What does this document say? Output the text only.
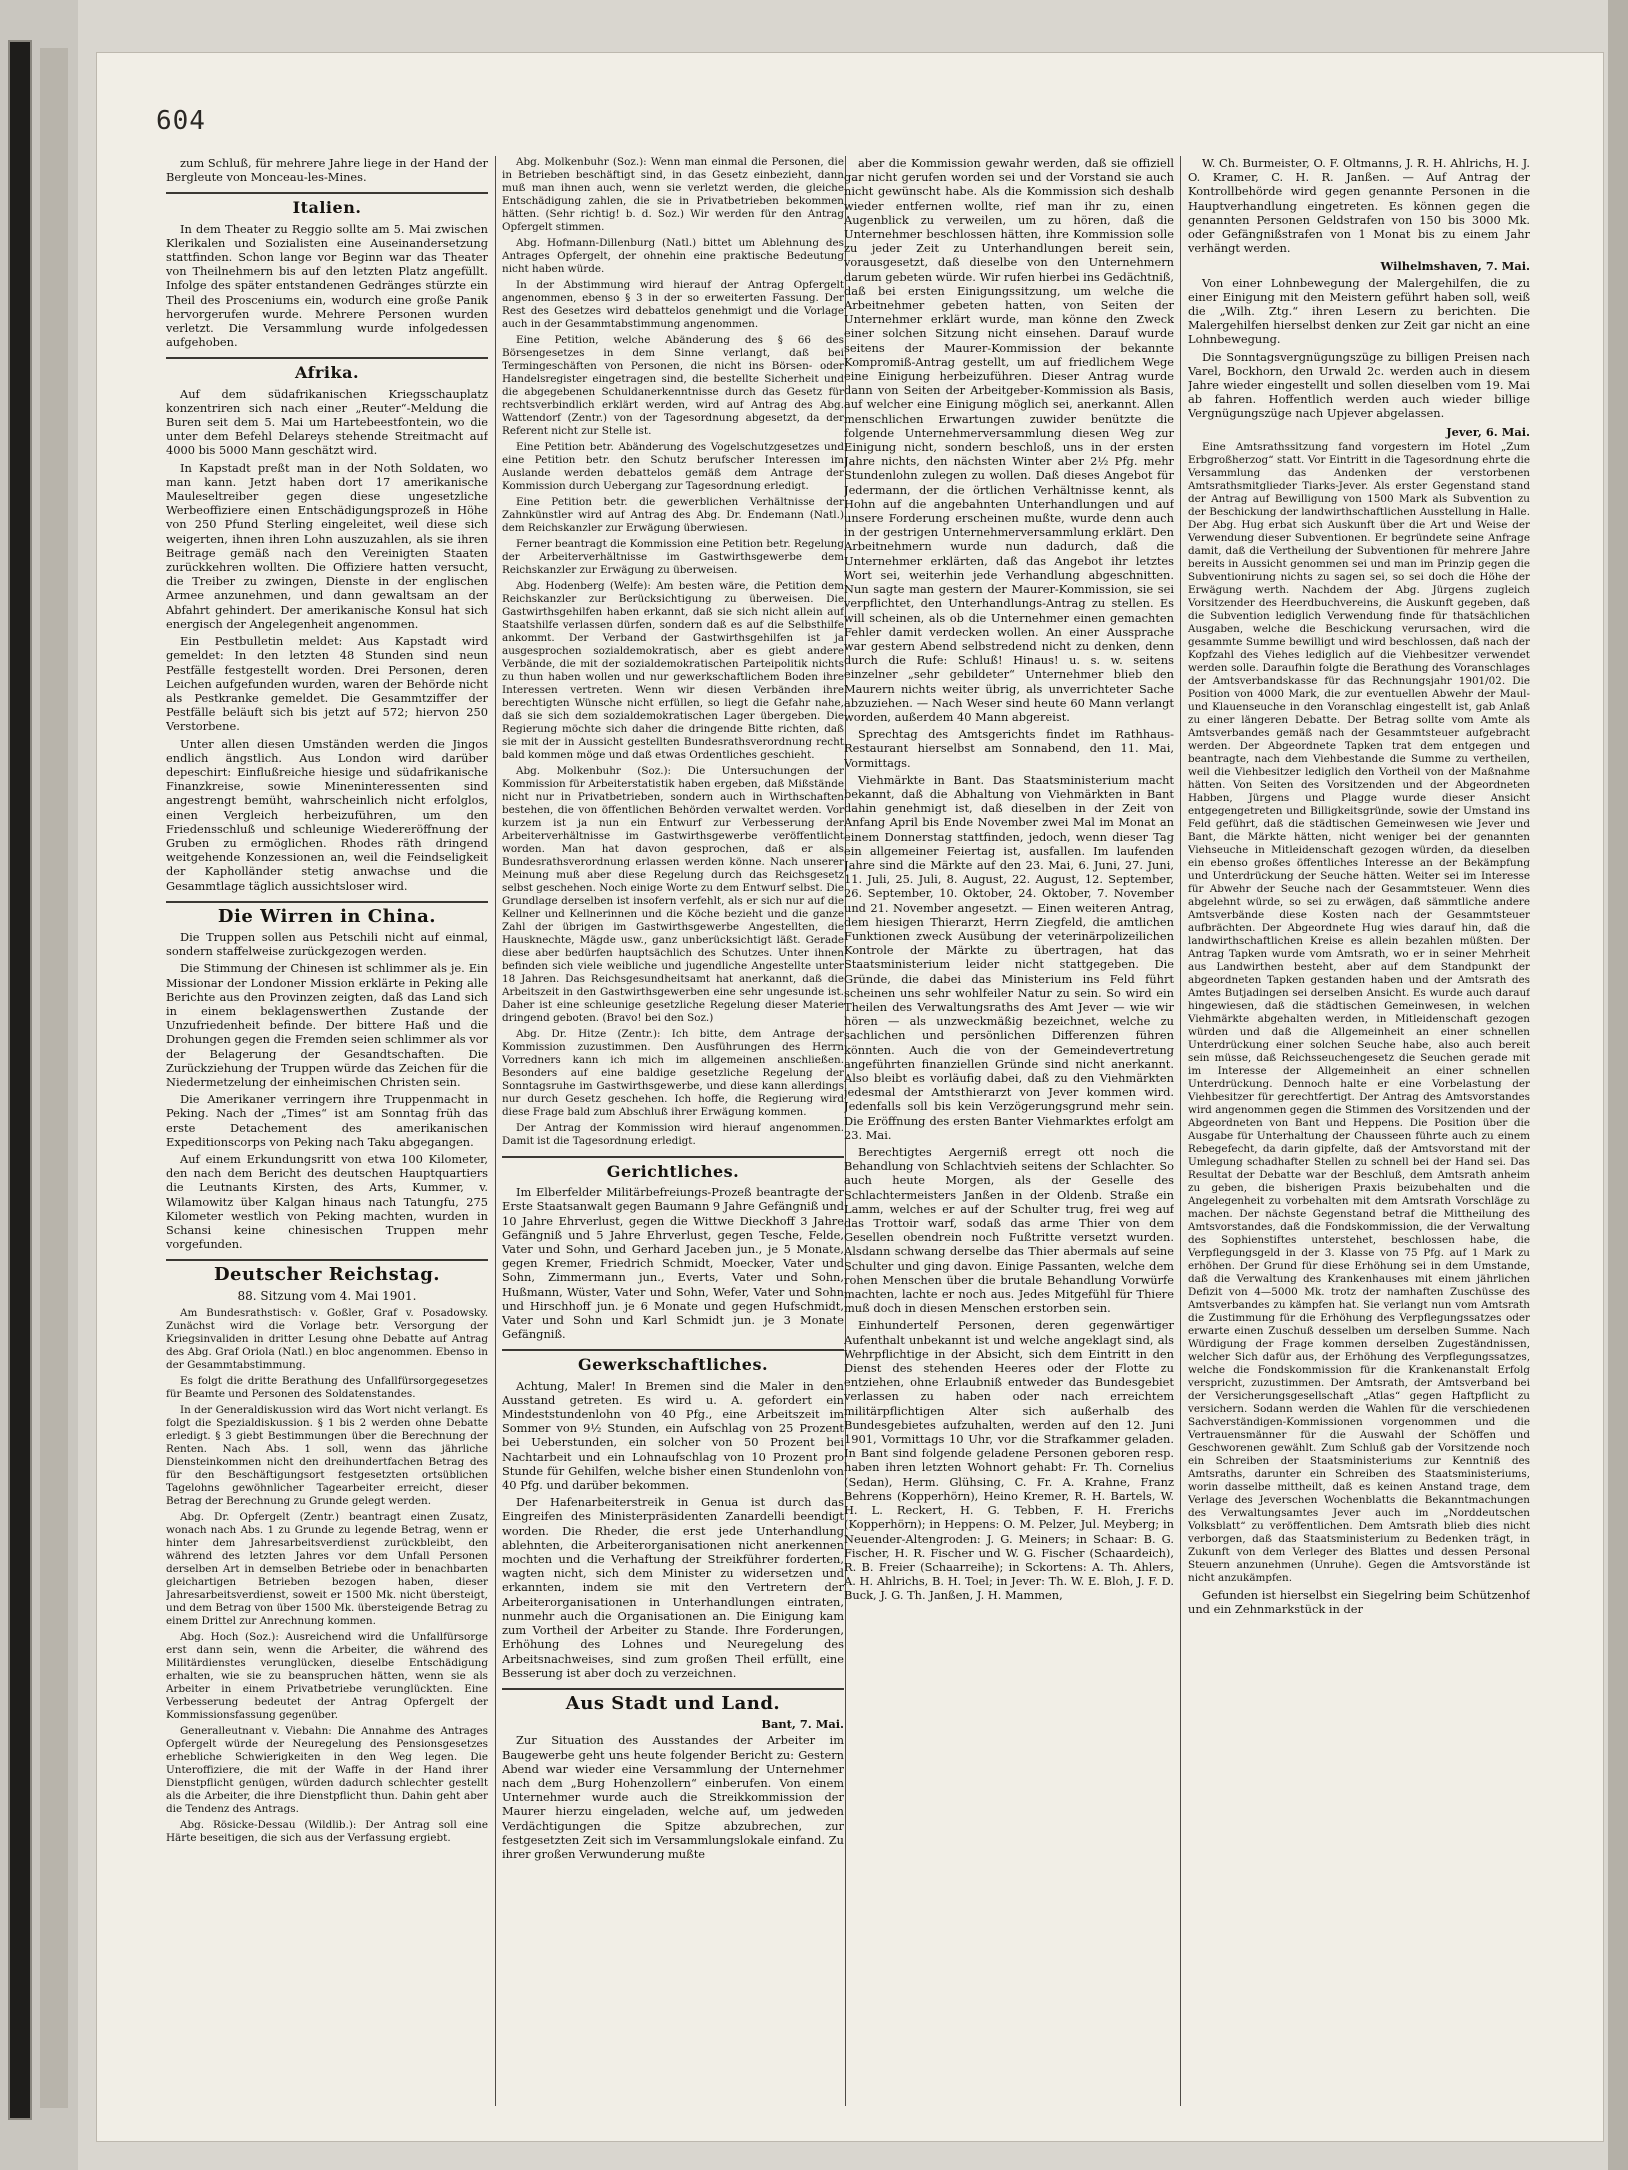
604

zum Schluß, für mehrere Jahre liege in der Hand der Bergleute von Monceau-les-Mines.

Italien.

In dem Theater zu Reggio sollte am 5. Mai zwischen Klerikalen und Sozialisten eine Auseinandersetzung stattfinden. Schon lange vor Beginn war das Theater von Theilnehmern bis auf den letzten Platz angefüllt. Infolge des später entstandenen Gedränges stürzte ein Theil des Prosceniums ein, wodurch eine große Panik hervorgerufen wurde. Mehrere Personen wurden verletzt. Die Versammlung wurde infolgedessen aufgehoben.

Afrika.

Auf dem südafrikanischen Kriegsschauplatz konzentriren sich nach einer „Reuter“-Meldung die Buren seit dem 5. Mai um Hartebeestfontein, wo die unter dem Befehl Delareys stehende Streitmacht auf 4000 bis 5000 Mann geschätzt wird.

In Kapstadt preßt man in der Noth Soldaten, wo man kann. Jetzt haben dort 17 amerikanische Mauleseltreiber gegen diese ungesetzliche Werbeoffiziere einen Entschädigungsprozeß in Höhe von 250 Pfund Sterling eingeleitet, weil diese sich weigerten, ihnen ihren Lohn auszuzahlen, als sie ihren Beitrage gemäß nach den Vereinigten Staaten zurückkehren wollten. Die Offiziere hatten versucht, die Treiber zu zwingen, Dienste in der englischen Armee anzunehmen, und dann gewaltsam an der Abfahrt gehindert. Der amerikanische Konsul hat sich energisch der Angelegenheit angenommen.

Ein Pestbulletin meldet: Aus Kapstadt wird gemeldet: In den letzten 48 Stunden sind neun Pestfälle festgestellt worden. Drei Personen, deren Leichen aufgefunden wurden, waren der Behörde nicht als Pestkranke gemeldet. Die Gesammtziffer der Pestfälle beläuft sich bis jetzt auf 572; hiervon 250 Verstorbene.

Unter allen diesen Umständen werden die Jingos endlich ängstlich. Aus London wird darüber depeschirt: Einflußreiche hiesige und südafrikanische Finanzkreise, sowie Mineninteressenten sind angestrengt bemüht, wahrscheinlich nicht erfolglos, einen Vergleich herbeizuführen, um den Friedensschluß und schleunige Wiedereröffnung der Gruben zu ermöglichen. Rhodes räth dringend weitgehende Konzessionen an, weil die Feindseligkeit der Kapholländer stetig anwachse und die Gesammtlage täglich aussichtsloser wird.

Die Wirren in China.

Die Truppen sollen aus Petschili nicht auf einmal, sondern staffelweise zurückgezogen werden.

Die Stimmung der Chinesen ist schlimmer als je. Ein Missionar der Londoner Mission erklärte in Peking alle Berichte aus den Provinzen zeigten, daß das Land sich in einem beklagenswerthen Zustande der Unzufriedenheit befinde. Der bittere Haß und die Drohungen gegen die Fremden seien schlimmer als vor der Belagerung der Gesandtschaften. Die Zurückziehung der Truppen würde das Zeichen für die Niedermetzelung der einheimischen Christen sein.

Die Amerikaner verringern ihre Truppenmacht in Peking. Nach der „Times“ ist am Sonntag früh das erste Detachement des amerikanischen Expeditionscorps von Peking nach Taku abgegangen.

Auf einem Erkundungsritt von etwa 100 Kilometer, den nach dem Bericht des deutschen Hauptquartiers die Leutnants Kirsten, des Arts, Kummer, v. Wilamowitz über Kalgan hinaus nach Tatungfu, 275 Kilometer westlich von Peking machten, wurden in Schansi keine chinesischen Truppen mehr vorgefunden.

Deutscher Reichstag.
88. Sitzung vom 4. Mai 1901.

Am Bundesrathstisch: v. Goßler, Graf v. Posadowsky. Zunächst wird die Vorlage betr. Versorgung der Kriegsinvaliden in dritter Lesung ohne Debatte auf Antrag des Abg. Graf Oriola (Natl.) en bloc angenommen. Ebenso in der Gesammtabstimmung.

Es folgt die dritte Berathung des Unfallfürsorgegesetzes für Beamte und Personen des Soldatenstandes.

In der Generaldiskussion wird das Wort nicht verlangt. Es folgt die Spezialdiskussion. § 1 bis 2 werden ohne Debatte erledigt. § 3 giebt Bestimmungen über die Berechnung der Renten. Nach Abs. 1 soll, wenn das jährliche Diensteinkommen nicht den dreihundertfachen Betrag des für den Beschäftigungsort festgesetzten ortsüblichen Tagelohns gewöhnlicher Tagearbeiter erreicht, dieser Betrag der Berechnung zu Grunde gelegt werden.

Abg. Dr. Opfergelt (Zentr.) beantragt einen Zusatz, wonach nach Abs. 1 zu Grunde zu legende Betrag, wenn er hinter dem Jahresarbeitsverdienst zurückbleibt, den während des letzten Jahres vor dem Unfall Personen derselben Art in demselben Betriebe oder in benachbarten gleichartigen Betrieben bezogen haben, dieser Jahresarbeitsverdienst, soweit er 1500 Mk. nicht übersteigt, und dem Betrag von über 1500 Mk. übersteigende Betrag zu einem Drittel zur Anrechnung kommen.

Abg. Hoch (Soz.): Ausreichend wird die Unfallfürsorge erst dann sein, wenn die Arbeiter, die während des Militärdienstes verunglücken, dieselbe Entschädigung erhalten, wie sie zu beanspruchen hätten, wenn sie als Arbeiter in einem Privatbetriebe verunglückten. Eine Verbesserung bedeutet der Antrag Opfergelt der Kommissionsfassung gegenüber.

Generalleutnant v. Viebahn: Die Annahme des Antrages Opfergelt würde der Neuregelung des Pensionsgesetzes erhebliche Schwierigkeiten in den Weg legen. Die Unteroffiziere, die mit der Waffe in der Hand ihrer Dienstpflicht genügen, würden dadurch schlechter gestellt als die Arbeiter, die ihre Dienstpflicht thun. Dahin geht aber die Tendenz des Antrags.

Abg. Rösicke-Dessau (Wildlib.): Der Antrag soll eine Härte beseitigen, die sich aus der Verfassung ergiebt.

Abg. Molkenbuhr (Soz.): Wenn man einmal die Personen, die in Betrieben beschäftigt sind, in das Gesetz einbezieht, dann muß man ihnen auch, wenn sie verletzt werden, die gleiche Entschädigung zahlen, die sie in Privatbetrieben bekommen hätten. (Sehr richtig! b. d. Soz.) Wir werden für den Antrag Opfergelt stimmen.

Abg. Hofmann-Dillenburg (Natl.) bittet um Ablehnung des Antrages Opfergelt, der ohnehin eine praktische Bedeutung nicht haben würde.

In der Abstimmung wird hierauf der Antrag Opfergelt angenommen, ebenso § 3 in der so erweiterten Fassung. Der Rest des Gesetzes wird debattelos genehmigt und die Vorlage auch in der Gesammtabstimmung angenommen.

Eine Petition, welche Abänderung des § 66 des Börsengesetzes in dem Sinne verlangt, daß bei Termingeschäften von Personen, die nicht ins Börsen- oder Handelsregister eingetragen sind, die bestellte Sicherheit und die abgegebenen Schuldanerkenntnisse durch das Gesetz für rechtsverbindlich erklärt werden, wird auf Antrag des Abg. Wattendorf (Zentr.) von der Tagesordnung abgesetzt, da der Referent nicht zur Stelle ist.

Eine Petition betr. Abänderung des Vogelschutzgesetzes und eine Petition betr. den Schutz berufscher Interessen im Auslande werden debattelos gemäß dem Antrage der Kommission durch Uebergang zur Tagesordnung erledigt.

Eine Petition betr. die gewerblichen Verhältnisse der Zahnkünstler wird auf Antrag des Abg. Dr. Endemann (Natl.) dem Reichskanzler zur Erwägung überwiesen.

Ferner beantragt die Kommission eine Petition betr. Regelung der Arbeiterverhältnisse im Gastwirthsgewerbe dem Reichskanzler zur Erwägung zu überweisen.

Abg. Hodenberg (Welfe): Am besten wäre, die Petition dem Reichskanzler zur Berücksichtigung zu überweisen. Die Gastwirthsgehilfen haben erkannt, daß sie sich nicht allein auf Staatshilfe verlassen dürfen, sondern daß es auf die Selbsthilfe ankommt. Der Verband der Gastwirthsgehilfen ist ja ausgesprochen sozialdemokratisch, aber es giebt andere Verbände, die mit der sozialdemokratischen Parteipolitik nichts zu thun haben wollen und nur gewerkschaftlichem Boden ihre Interessen vertreten. Wenn wir diesen Verbänden ihre berechtigten Wünsche nicht erfüllen, so liegt die Gefahr nahe, daß sie sich dem sozialdemokratischen Lager übergeben. Die Regierung möchte sich daher die dringende Bitte richten, daß sie mit der in Aussicht gestellten Bundesrathsverordnung recht bald kommen möge und daß etwas Ordentliches geschieht.

Abg. Molkenbuhr (Soz.): Die Untersuchungen der Kommission für Arbeiterstatistik haben ergeben, daß Mißstände nicht nur in Privatbetrieben, sondern auch in Wirthschaften bestehen, die von öffentlichen Behörden verwaltet werden. Vor kurzem ist ja nun ein Entwurf zur Verbesserung der Arbeiterverhältnisse im Gastwirthsgewerbe veröffentlicht worden. Man hat davon gesprochen, daß er als Bundesrathsverordnung erlassen werden könne. Nach unserer Meinung muß aber diese Regelung durch das Reichsgesetz selbst geschehen. Noch einige Worte zu dem Entwurf selbst. Die Grundlage derselben ist insofern verfehlt, als er sich nur auf die Kellner und Kellnerinnen und die Köche bezieht und die ganze Zahl der übrigen im Gastwirthsgewerbe Angestellten, die Hausknechte, Mägde usw., ganz unberücksichtigt läßt. Gerade diese aber bedürfen hauptsächlich des Schutzes. Unter ihnen befinden sich viele weibliche und jugendliche Angestellte unter 18 Jahren. Das Reichsgesundheitsamt hat anerkannt, daß die Arbeitszeit in den Gastwirthsgewerben eine sehr ungesunde ist. Daher ist eine schleunige gesetzliche Regelung dieser Materie dringend geboten. (Bravo! bei den Soz.)

Abg. Dr. Hitze (Zentr.): Ich bitte, dem Antrage der Kommission zuzustimmen. Den Ausführungen des Herrn Vorredners kann ich mich im allgemeinen anschließen. Besonders auf eine baldige gesetzliche Regelung der Sonntagsruhe im Gastwirthsgewerbe, und diese kann allerdings nur durch Gesetz geschehen. Ich hoffe, die Regierung wird diese Frage bald zum Abschluß ihrer Erwägung kommen.

Der Antrag der Kommission wird hierauf angenommen. Damit ist die Tagesordnung erledigt.

Gerichtliches.

Im Elberfelder Militärbefreiungs-Prozeß beantragte der Erste Staatsanwalt gegen Baumann 9 Jahre Gefängniß und 10 Jahre Ehrverlust, gegen die Wittwe Dieckhoff 3 Jahre Gefängniß und 5 Jahre Ehrverlust, gegen Tesche, Felde, Vater und Sohn, und Gerhard Jaceben jun., je 5 Monate, gegen Kremer, Friedrich Schmidt, Moecker, Vater und Sohn, Zimmermann jun., Everts, Vater und Sohn, Hußmann, Wüster, Vater und Sohn, Wefer, Vater und Sohn und Hirschhoff jun. je 6 Monate und gegen Hufschmidt, Vater und Sohn und Karl Schmidt jun. je 3 Monate Gefängniß.

Gewerkschaftliches.

Achtung, Maler! In Bremen sind die Maler in den Ausstand getreten. Es wird u. A. gefordert ein Mindeststundenlohn von 40 Pfg., eine Arbeitszeit im Sommer von 9½ Stunden, ein Aufschlag von 25 Prozent bei Ueberstunden, ein solcher von 50 Prozent bei Nachtarbeit und ein Lohnaufschlag von 10 Prozent pro Stunde für Gehilfen, welche bisher einen Stundenlohn von 40 Pfg. und darüber bekommen.

Der Hafenarbeiterstreik in Genua ist durch das Eingreifen des Ministerpräsidenten Zanardelli beendigt worden. Die Rheder, die erst jede Unterhandlung ablehnten, die Arbeiterorganisationen nicht anerkennen mochten und die Verhaftung der Streikführer forderten, wagten nicht, sich dem Minister zu widersetzen und erkannten, indem sie mit den Vertretern der Arbeiterorganisationen in Unterhandlungen eintraten, nunmehr auch die Organisationen an. Die Einigung kam zum Vortheil der Arbeiter zu Stande. Ihre Forderungen, Erhöhung des Lohnes und Neuregelung des Arbeitsnachweises, sind zum großen Theil erfüllt, eine Besserung ist aber doch zu verzeichnen.

Aus Stadt und Land.
Bant, 7. Mai.

Zur Situation des Ausstandes der Arbeiter im Baugewerbe geht uns heute folgender Bericht zu: Gestern Abend war wieder eine Versammlung der Unternehmer nach dem „Burg Hohenzollern“ einberufen. Von einem Unternehmer wurde auch die Streikkommission der Maurer hierzu eingeladen, welche auf, um jedweden Verdächtigungen die Spitze abzubrechen, zur festgesetzten Zeit sich im Versammlungslokale einfand. Zu ihrer großen Verwunderung mußte

aber die Kommission gewahr werden, daß sie offiziell gar nicht gerufen worden sei und der Vorstand sie auch nicht gewünscht habe. Als die Kommission sich deshalb wieder entfernen wollte, rief man ihr zu, einen Augenblick zu verweilen, um zu hören, daß die Unternehmer beschlossen hätten, ihre Kommission solle zu jeder Zeit zu Unterhandlungen bereit sein, vorausgesetzt, daß dieselbe von den Unternehmern darum gebeten würde. Wir rufen hierbei ins Gedächtniß, daß bei ersten Einigungssitzung, um welche die Arbeitnehmer gebeten hatten, von Seiten der Unternehmer erklärt wurde, man könne den Zweck einer solchen Sitzung nicht einsehen. Darauf wurde seitens der Maurer-Kommission der bekannte Kompromiß-Antrag gestellt, um auf friedlichem Wege eine Einigung herbeizuführen. Dieser Antrag wurde dann von Seiten der Arbeitgeber-Kommission als Basis, auf welcher eine Einigung möglich sei, anerkannt. Allen menschlichen Erwartungen zuwider benützte die folgende Unternehmerversammlung diesen Weg zur Einigung nicht, sondern beschloß, uns in der ersten Jahre nichts, den nächsten Winter aber 2½ Pfg. mehr Stundenlohn zulegen zu wollen. Daß dieses Angebot für Jedermann, der die örtlichen Verhältnisse kennt, als Hohn auf die angebahnten Unterhandlungen und auf unsere Forderung erscheinen mußte, wurde denn auch in der gestrigen Unternehmerversammlung erklärt. Den Arbeitnehmern wurde nun dadurch, daß die Unternehmer erklärten, daß das Angebot ihr letztes Wort sei, weiterhin jede Verhandlung abgeschnitten. Nun sagte man gestern der Maurer-Kommission, sie sei verpflichtet, den Unterhandlungs-Antrag zu stellen. Es will scheinen, als ob die Unternehmer einen gemachten Fehler damit verdecken wollen. An einer Aussprache war gestern Abend selbstredend nicht zu denken, denn durch die Rufe: Schluß! Hinaus! u. s. w. seitens einzelner „sehr gebildeter“ Unternehmer blieb den Maurern nichts weiter übrig, als unverrichteter Sache abzuziehen. — Nach Weser sind heute 60 Mann verlangt worden, außerdem 40 Mann abgereist.

Sprechtag des Amtsgerichts findet im Rathhaus-Restaurant hierselbst am Sonnabend, den 11. Mai, Vormittags.

Viehmärkte in Bant. Das Staatsministerium macht bekannt, daß die Abhaltung von Viehmärkten in Bant dahin genehmigt ist, daß dieselben in der Zeit von Anfang April bis Ende November zwei Mal im Monat an einem Donnerstag stattfinden, jedoch, wenn dieser Tag ein allgemeiner Feiertag ist, ausfallen. Im laufenden Jahre sind die Märkte auf den 23. Mai, 6. Juni, 27. Juni, 11. Juli, 25. Juli, 8. August, 22. August, 12. September, 26. September, 10. Oktober, 24. Oktober, 7. November und 21. November angesetzt. — Einen weiteren Antrag, dem hiesigen Thierarzt, Herrn Ziegfeld, die amtlichen Funktionen zweck Ausübung der veterinärpolizeilichen Kontrole der Märkte zu übertragen, hat das Staatsministerium leider nicht stattgegeben. Die Gründe, die dabei das Ministerium ins Feld führt scheinen uns sehr wohlfeiler Natur zu sein. So wird ein Theilen des Verwaltungsraths des Amt Jever — wie wir hören — als unzweckmäßig bezeichnet, welche zu sachlichen und persönlichen Differenzen führen könnten. Auch die von der Gemeindevertretung angeführten finanziellen Gründe sind nicht anerkannt. Also bleibt es vorläufig dabei, daß zu den Viehmärkten jedesmal der Amtsthierarzt von Jever kommen wird. Jedenfalls soll bis kein Verzögerungsgrund mehr sein. Die Eröffnung des ersten Banter Viehmarktes erfolgt am 23. Mai.

Berechtigtes Aergerniß erregt ott noch die Behandlung von Schlachtvieh seitens der Schlachter. So auch heute Morgen, als der Geselle des Schlachtermeisters Janßen in der Oldenb. Straße ein Lamm, welches er auf der Schulter trug, frei weg auf das Trottoir warf, sodaß das arme Thier von dem Gesellen obendrein noch Fußtritte versetzt wurden. Alsdann schwang derselbe das Thier abermals auf seine Schulter und ging davon. Einige Passanten, welche dem rohen Menschen über die brutale Behandlung Vorwürfe machten, lachte er noch aus. Jedes Mitgefühl für Thiere muß doch in diesen Menschen erstorben sein.

Einhundertelf Personen, deren gegenwärtiger Aufenthalt unbekannt ist und welche angeklagt sind, als Wehrpflichtige in der Absicht, sich dem Eintritt in den Dienst des stehenden Heeres oder der Flotte zu entziehen, ohne Erlaubniß entweder das Bundesgebiet verlassen zu haben oder nach erreichtem militärpflichtigen Alter sich außerhalb des Bundesgebietes aufzuhalten, werden auf den 12. Juni 1901, Vormittags 10 Uhr, vor die Strafkammer geladen. In Bant sind folgende geladene Personen geboren resp. haben ihren letzten Wohnort gehabt: Fr. Th. Cornelius (Sedan), Herm. Glühsing, C. Fr. A. Krahne, Franz Behrens (Kopperhörn), Heino Kremer, R. H. Bartels, W. H. L. Reckert, H. G. Tebben, F. H. Frerichs (Kopperhörn); in Heppens: O. M. Pelzer, Jul. Meyberg; in Neuender-Altengroden: J. G. Meiners; in Schaar: B. G. Fischer, H. R. Fischer und W. G. Fischer (Schaardeich), R. B. Freier (Schaarreihe); in Sckortens: A. Th. Ahlers, A. H. Ahlrichs, B. H. Toel; in Jever: Th. W. E. Bloh, J. F. D. Buck, J. G. Th. Janßen, J. H. Mammen,

W. Ch. Burmeister, O. F. Oltmanns, J. R. H. Ahlrichs, H. J. O. Kramer, C. H. R. Janßen. — Auf Antrag der Kontrollbehörde wird gegen genannte Personen in die Hauptverhandlung eingetreten. Es können gegen die genannten Personen Geldstrafen von 150 bis 3000 Mk. oder Gefängnißstrafen von 1 Monat bis zu einem Jahr verhängt werden.

Wilhelmshaven, 7. Mai.

Von einer Lohnbewegung der Malergehilfen, die zu einer Einigung mit den Meistern geführt haben soll, weiß die „Wilh. Ztg.“ ihren Lesern zu berichten. Die Malergehilfen hierselbst denken zur Zeit gar nicht an eine Lohnbewegung.

Die Sonntagsvergnügungszüge zu billigen Preisen nach Varel, Bockhorn, den Urwald 2c. werden auch in diesem Jahre wieder eingestellt und sollen dieselben vom 19. Mai ab fahren. Hoffentlich werden auch wieder billige Vergnügungszüge nach Upjever abgelassen.

Jever, 6. Mai.

Eine Amtsrathssitzung fand vorgestern im Hotel „Zum Erbgroßherzog“ statt. Vor Eintritt in die Tagesordnung ehrte die Versammlung das Andenken der verstorbenen Amtsrathsmitglieder Tiarks-Jever. Als erster Gegenstand stand der Antrag auf Bewilligung von 1500 Mark als Subvention zu der Beschickung der landwirthschaftlichen Ausstellung in Halle. Der Abg. Hug erbat sich Auskunft über die Art und Weise der Verwendung dieser Subventionen. Er begründete seine Anfrage damit, daß die Vertheilung der Subventionen für mehrere Jahre bereits in Aussicht genommen sei und man im Prinzip gegen die Subventionirung nichts zu sagen sei, so sei doch die Höhe der Erwägung werth. Nachdem der Abg. Jürgens zugleich Vorsitzender des Heerdbuchvereins, die Auskunft gegeben, daß die Subvention lediglich Verwendung finde für thatsächlichen Ausgaben, welche die Beschickung verursachen, wird die gesammte Summe bewilligt und wird beschlossen, daß nach der Kopfzahl des Viehes lediglich auf die Viehbesitzer verwendet werden solle. Daraufhin folgte die Berathung des Voranschlages der Amtsverbandskasse für das Rechnungsjahr 1901/02. Die Position von 4000 Mark, die zur eventuellen Abwehr der Maul- und Klauenseuche in den Voranschlag eingestellt ist, gab Anlaß zu einer längeren Debatte. Der Betrag sollte vom Amte als Amtsverbandes gemäß nach der Gesammtsteuer aufgebracht werden. Der Abgeordnete Tapken trat dem entgegen und beantragte, nach dem Viehbestande die Summe zu vertheilen, weil die Viehbesitzer lediglich den Vortheil von der Maßnahme hätten. Von Seiten des Vorsitzenden und der Abgeordneten Habben, Jürgens und Plagge wurde dieser Ansicht entgegengetreten und Billigkeitsgründe, sowie der Umstand ins Feld geführt, daß die städtischen Gemeinwesen wie Jever und Bant, die Märkte hätten, nicht weniger bei der genannten Viehseuche in Mitleidenschaft gezogen würden, da dieselben ein ebenso großes öffentliches Interesse an der Bekämpfung und Unterdrückung der Seuche hätten. Weiter sei im Interesse für Abwehr der Seuche nach der Gesammtsteuer. Wenn dies abgelehnt würde, so sei zu erwägen, daß sämmtliche andere Amtsverbände diese Kosten nach der Gesammtsteuer aufbrächten. Der Abgeordnete Hug wies darauf hin, daß die landwirthschaftlichen Kreise es allein bezahlen müßten. Der Antrag Tapken wurde vom Amtsrath, wo er in seiner Mehrheit aus Landwirthen besteht, aber auf dem Standpunkt der abgeordneten Tapken gestanden haben und der Amtsrath des Amtes Butjadingen sei derselben Ansicht. Es wurde auch darauf hingewiesen, daß die städtischen Gemeinwesen, in welchen Viehmärkte abgehalten werden, in Mitleidenschaft gezogen würden und daß die Allgemeinheit an einer schnellen Unterdrückung einer solchen Seuche habe, also auch bereit sein müsse, daß Reichsseuchengesetz die Seuchen gerade mit im Interesse der Allgemeinheit an einer schnellen Unterdrückung. Dennoch halte er eine Vorbelastung der Viehbesitzer für gerechtfertigt. Der Antrag des Amtsvorstandes wird angenommen gegen die Stimmen des Vorsitzenden und der Abgeordneten von Bant und Heppens. Die Position über die Ausgabe für Unterhaltung der Chausseen führte auch zu einem Rebegefecht, da darin gipfelte, daß der Amtsvorstand mit der Umlegung schadhafter Stellen zu schnell bei der Hand sei. Das Resultat der Debatte war der Beschluß, dem Amtsrath anheim zu geben, die bisherigen Praxis beizubehalten und die Angelegenheit zu vorbehalten mit dem Amtsrath Vorschläge zu machen. Der nächste Gegenstand betraf die Mittheilung des Amtsvorstandes, daß die Fondskommission, die der Verwaltung des Sophienstiftes unterstehet, beschlossen habe, die Verpflegungsgeld in der 3. Klasse von 75 Pfg. auf 1 Mark zu erhöhen. Der Grund für diese Erhöhung sei in dem Umstande, daß die Verwaltung des Krankenhauses mit einem jährlichen Defizit von 4—5000 Mk. trotz der namhaften Zuschüsse des Amtsverbandes zu kämpfen hat. Sie verlangt nun vom Amtsrath die Zustimmung für die Erhöhung des Verpflegungssatzes oder erwarte einen Zuschuß desselben um derselben Summe. Nach Würdigung der Frage kommen derselben Zugeständnissen, welcher Sich dafür aus, der Erhöhung des Verpflegungssatzes, welche die Fondskommission für die Krankenanstalt Erfolg verspricht, zuzustimmen. Der Amtsrath, der Amtsverband bei der Versicherungsgesellschaft „Atlas“ gegen Haftpflicht zu versichern. Sodann werden die Wahlen für die verschiedenen Sachverständigen-Kommissionen vorgenommen und die Vertrauensmänner für die Auswahl der Schöffen und Geschworenen gewählt. Zum Schluß gab der Vorsitzende noch ein Schreiben der Staatsministeriums zur Kenntniß des Amtsraths, darunter ein Schreiben des Staatsministeriums, worin dasselbe mittheilt, daß es keinen Anstand trage, dem Verlage des Jeverschen Wochenblatts die Bekanntmachungen des Verwaltungsamtes Jever auch im „Norddeutschen Volksblatt“ zu veröffentlichen. Dem Amtsrath blieb dies nicht verborgen, daß das Staatsministerium zu Bedenken trägt, in Zukunft von dem Verleger des Blattes und dessen Personal Steuern anzunehmen (Unruhe). Gegen die Amtsvorstände ist nicht anzukämpfen.

Gefunden ist hierselbst ein Siegelring beim Schützenhof und ein Zehnmarkstück in der
